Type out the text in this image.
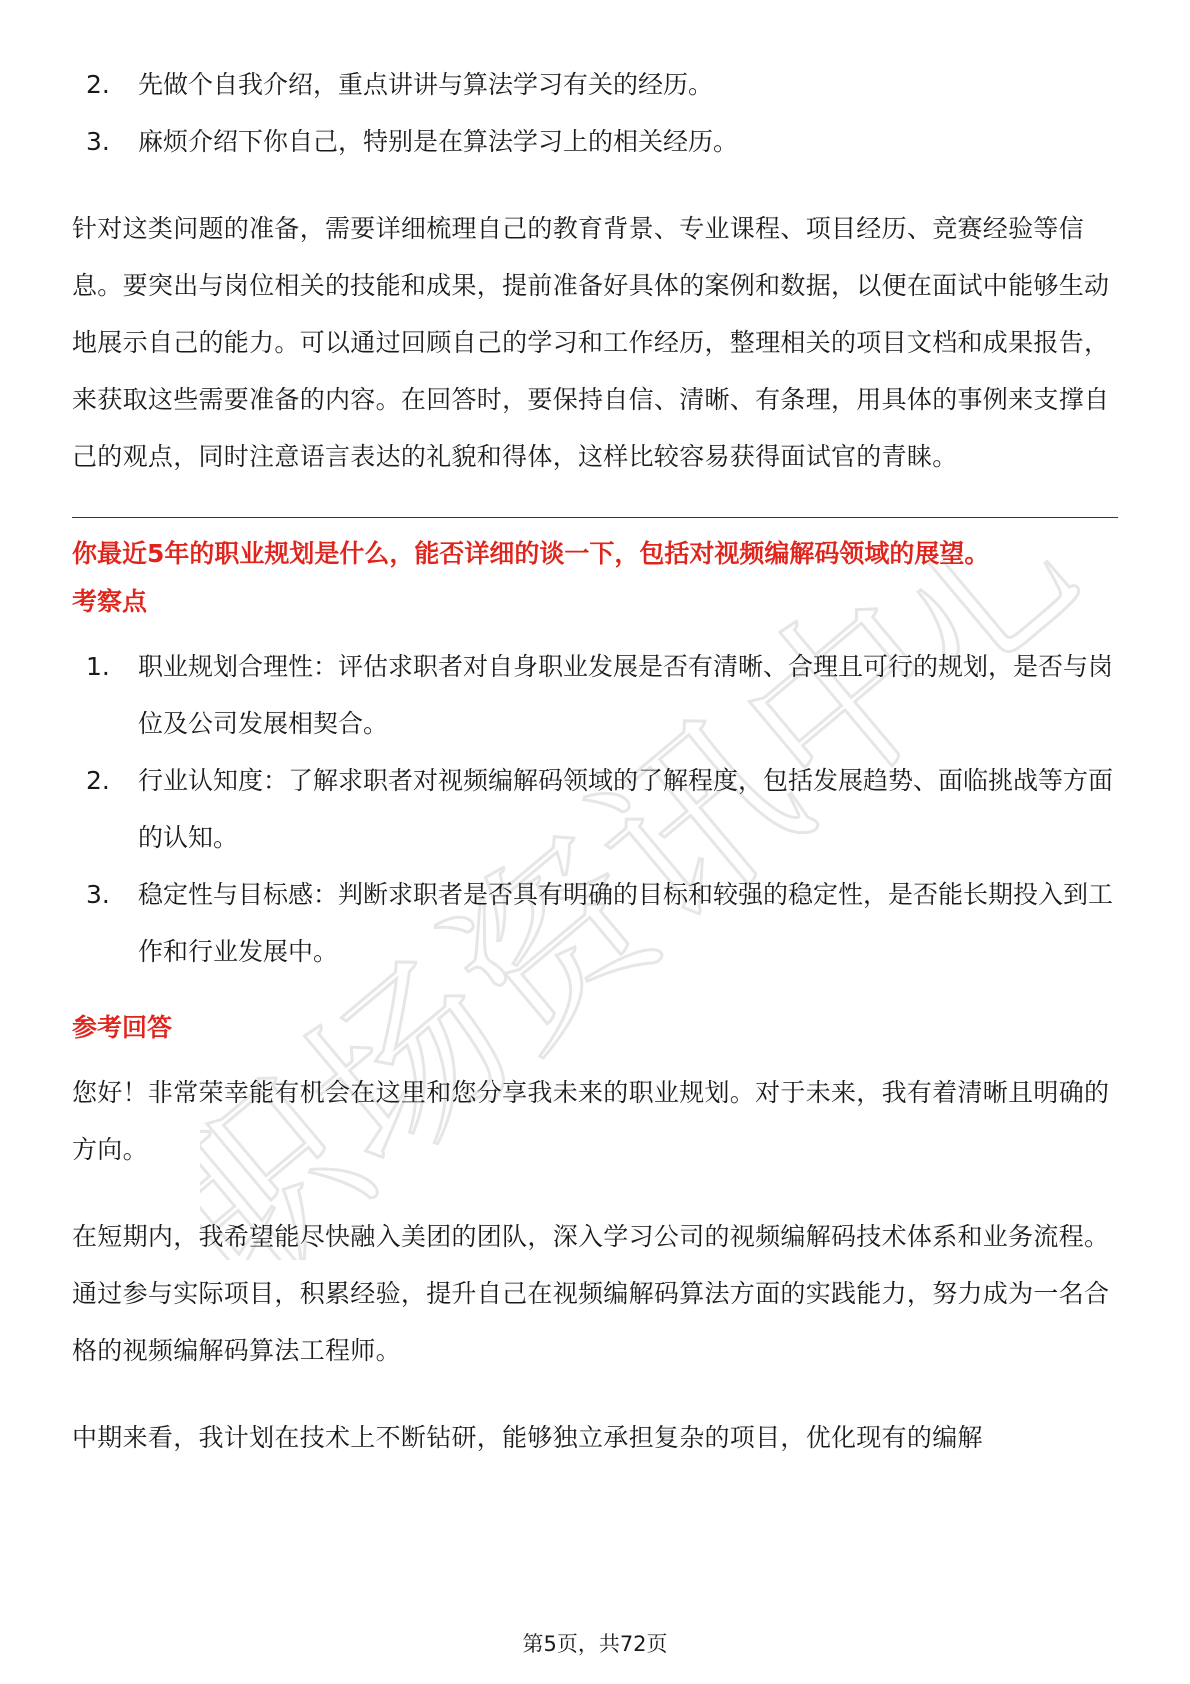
职场资讯中心
2.	先做个自我介绍，重点讲讲与算法学习有关的经历。
3.	麻烦介绍下你自己，特别是在算法学习上的相关经历。

针对这类问题的准备，需要详细梳理自己的教育背景、专业课程、项目经历、竞赛经验等信息。要突出与岗位相关的技能和成果，提前准备好具体的案例和数据，以便在面试中能够生动地展示自己的能力。可以通过回顾自己的学习和工作经历，整理相关的项目文档和成果报告，来获取这些需要准备的内容。在回答时，要保持自信、清晰、有条理，用具体的事例来支撑自己的观点，同时注意语言表达的礼貌和得体，这样比较容易获得面试官的青睐。

你最近5年的职业规划是什么，能否详细的谈一下，包括对视频编解码领域的展望。

考察点

1.	职业规划合理性：评估求职者对自身职业发展是否有清晰、合理且可行的规划，是否与岗位及公司发展相契合。
2.	行业认知度：了解求职者对视频编解码领域的了解程度，包括发展趋势、面临挑战等方面的认知。
3.	稳定性与目标感：判断求职者是否具有明确的目标和较强的稳定性，是否能长期投入到工作和行业发展中。

参考回答

您好！非常荣幸能有机会在这里和您分享我未来的职业规划。对于未来，我有着清晰且明确的方向。

在短期内，我希望能尽快融入美团的团队，深入学习公司的视频编解码技术体系和业务流程。通过参与实际项目，积累经验，提升自己在视频编解码算法方面的实践能力，努力成为一名合格的视频编解码算法工程师。

中期来看，我计划在技术上不断钻研，能够独立承担复杂的项目，优化现有的编解

第5页，共72页
